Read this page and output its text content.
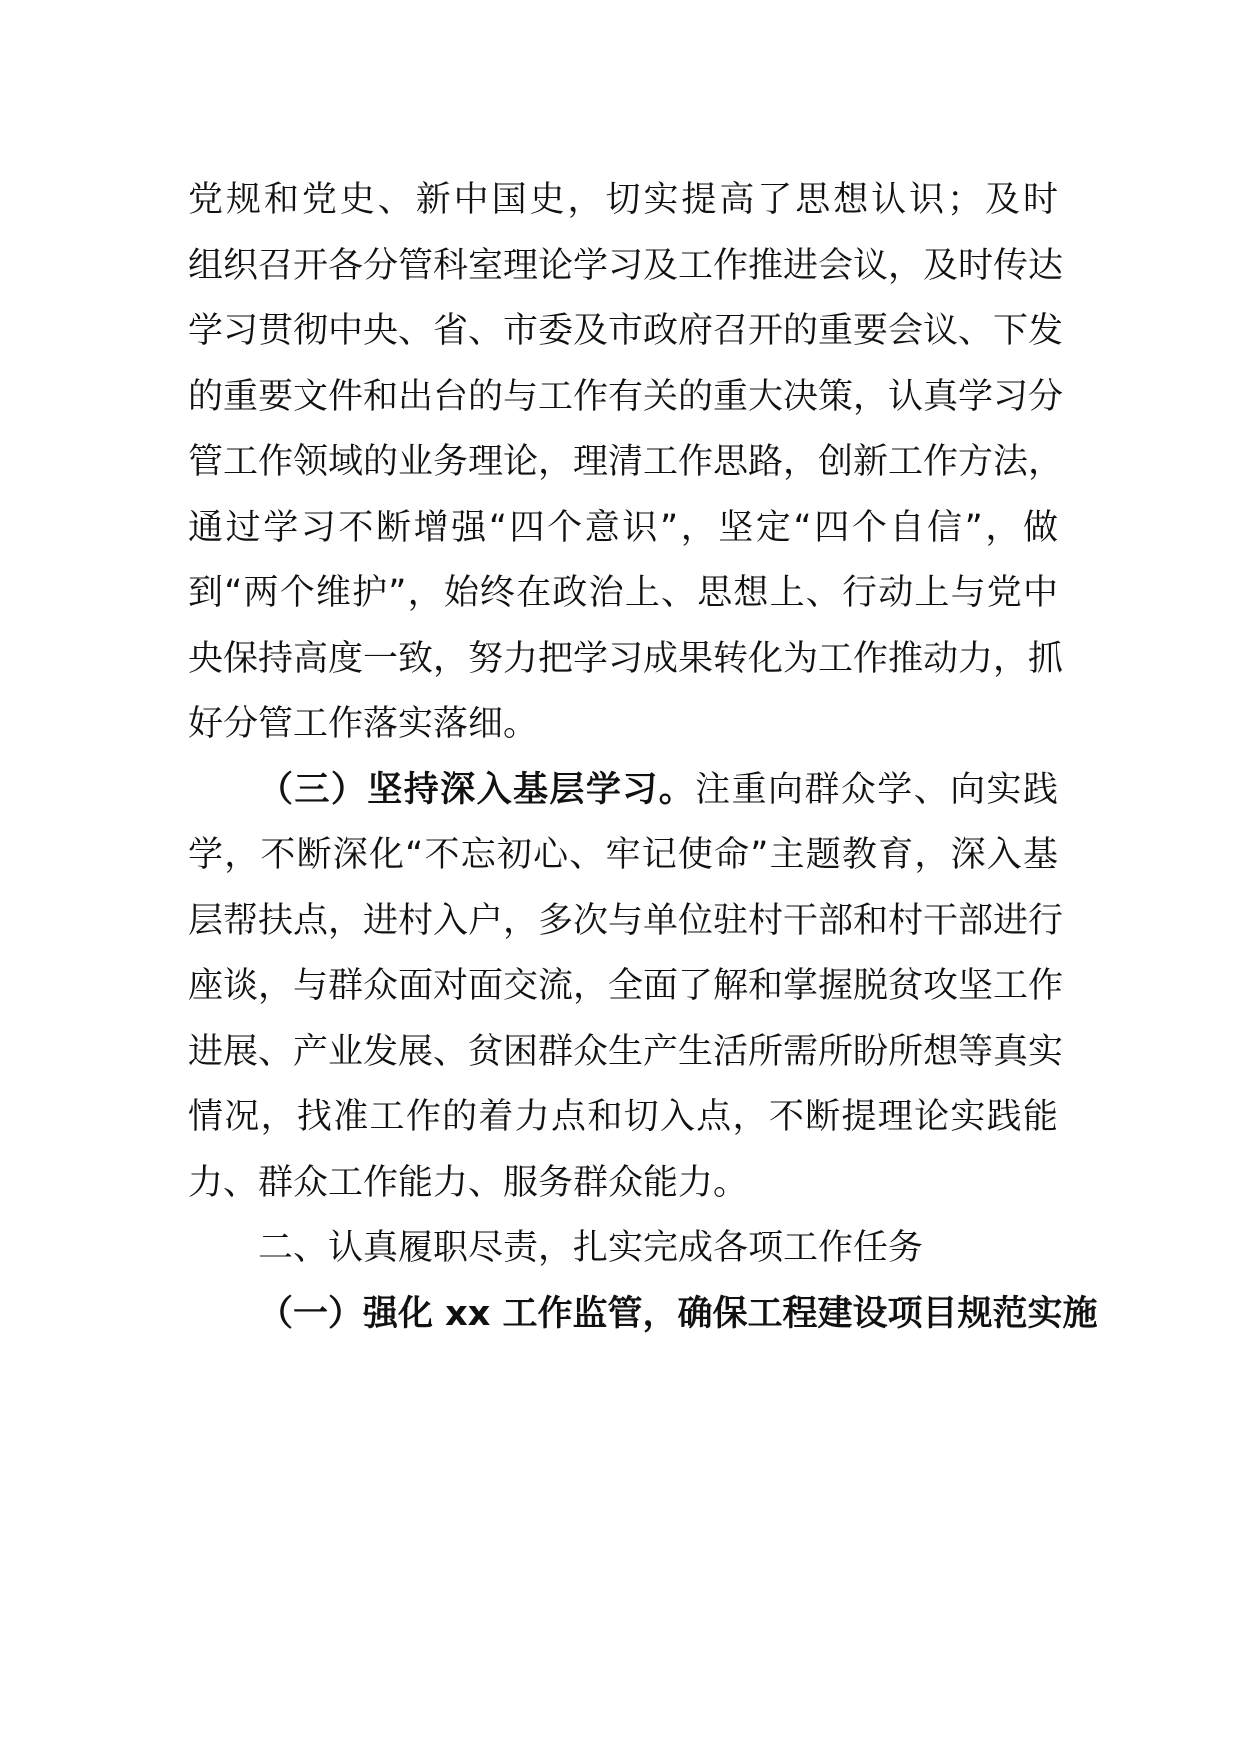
党规和党史、新中国史，切实提高了思想认识；及时
组织召开各分管科室理论学习及工作推进会议，及时传达
学习贯彻中央、省、市委及市政府召开的重要会议、下发
的重要文件和出台的与工作有关的重大决策，认真学习分
管工作领域的业务理论，理清工作思路，创新工作方法，
通过学习不断增强“四个意识”，坚定“四个自信”，做
到“两个维护”，始终在政治上、思想上、行动上与党中
央保持高度一致，努力把学习成果转化为工作推动力，抓
好分管工作落实落细。
（三）坚持深入基层学习。注重向群众学、向实践
学，不断深化“不忘初心、牢记使命”主题教育，深入基
层帮扶点，进村入户，多次与单位驻村干部和村干部进行
座谈，与群众面对面交流，全面了解和掌握脱贫攻坚工作
进展、产业发展、贫困群众生产生活所需所盼所想等真实
情况，找准工作的着力点和切入点，不断提理论实践能
力、群众工作能力、服务群众能力。
二、认真履职尽责，扎实完成各项工作任务
（一）强化 xx 工作监管，确保工程建设项目规范实施
